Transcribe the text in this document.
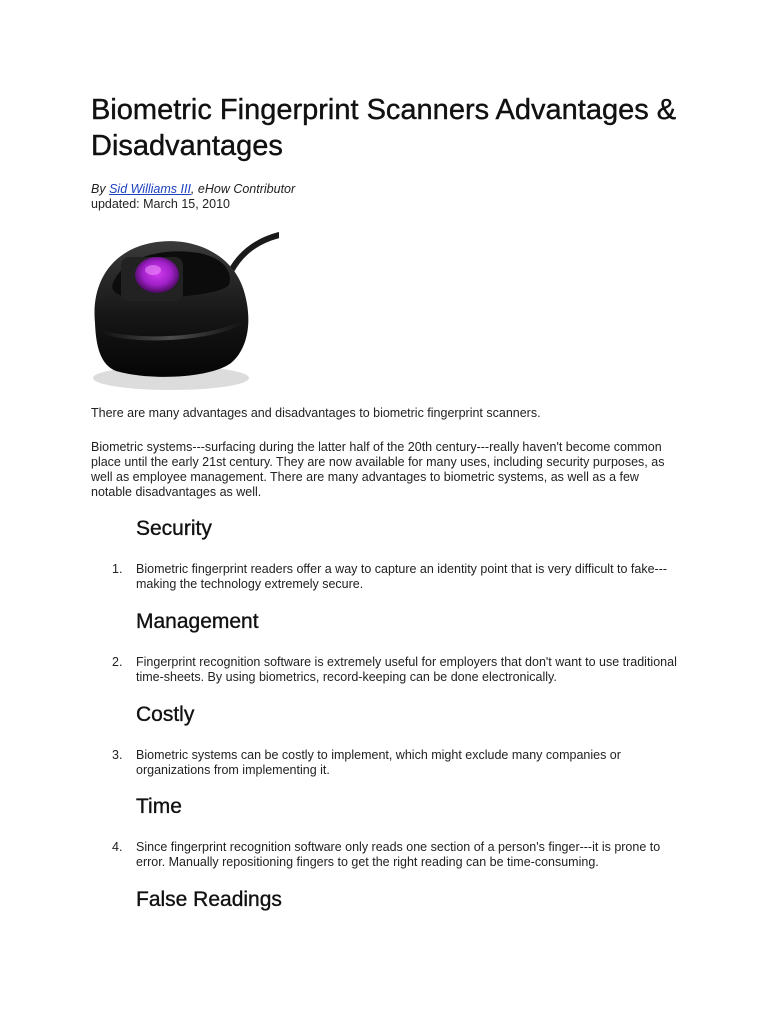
Biometric Fingerprint Scanners Advantages & Disadvantages
By Sid Williams III, eHow Contributor
updated: March 15, 2010

There are many advantages and disadvantages to biometric fingerprint scanners.

Biometric systems---surfacing during the latter half of the 20th century---really haven't become common place until the early 21st century. They are now available for many uses, including security purposes, as well as employee management. There are many advantages to biometric systems, as well as a few notable disadvantages as well.

Security
1. Biometric fingerprint readers offer a way to capture an identity point that is very difficult to fake---making the technology extremely secure.
Management
2. Fingerprint recognition software is extremely useful for employers that don't want to use traditional time-sheets. By using biometrics, record-keeping can be done electronically.
Costly
3. Biometric systems can be costly to implement, which might exclude many companies or organizations from implementing it.
Time
4. Since fingerprint recognition software only reads one section of a person's finger---it is prone to error. Manually repositioning fingers to get the right reading can be time-consuming.
False Readings
